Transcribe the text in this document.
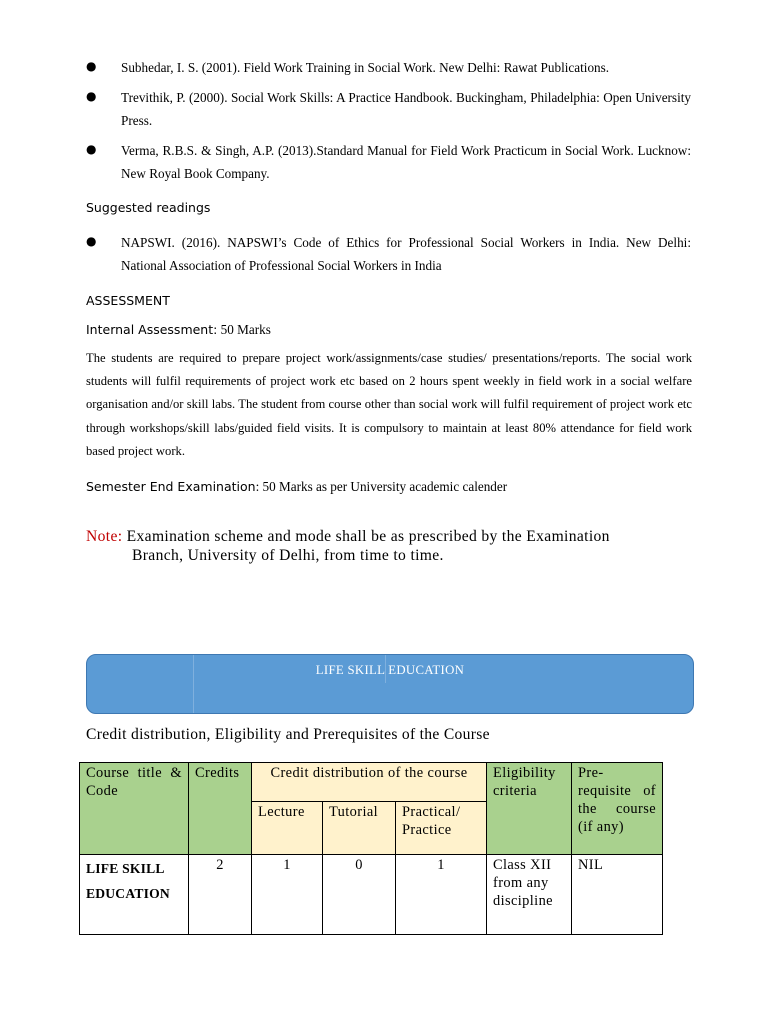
● Subhedar, I. S. (2001). Field Work Training in Social Work. New Delhi: Rawat Publications.
● Trevithik, P. (2000). Social Work Skills: A Practice Handbook. Buckingham, Philadelphia: Open University Press.
● Verma, R.B.S. & Singh, A.P. (2013).Standard Manual for Field Work Practicum in Social Work. Lucknow: New Royal Book Company.
Suggested readings
● NAPSWI. (2016). NAPSWI’s Code of Ethics for Professional Social Workers in India. New Delhi: National Association of Professional Social Workers in India
ASSESSMENT
Internal Assessment: 50 Marks
The students are required to prepare project work/assignments/case studies/ presentations/reports. The social work students will fulfil requirements of project work etc based on 2 hours spent weekly in field work in a social welfare organisation and/or skill labs. The student from course other than social work will fulfil requirement of project work etc through workshops/skill labs/guided field visits. It is compulsory to maintain at least 80% attendance for field work based project work.
Semester End Examination: 50 Marks as per University academic calender
Note: Examination scheme and mode shall be as prescribed by the Examination
Branch, University of Delhi, from time to time.
LIFE SKILL EDUCATION
Credit distribution, Eligibility and Prerequisites of the Course
Course title & Code	Credits	Credit distribution of the course			Eligibility criteria	Pre-requisite of the course (if any)
		Lecture	Tutorial	Practical/ Practice		
LIFE SKILL EDUCATION	2	1	0	1	Class XII from any discipline	NIL
